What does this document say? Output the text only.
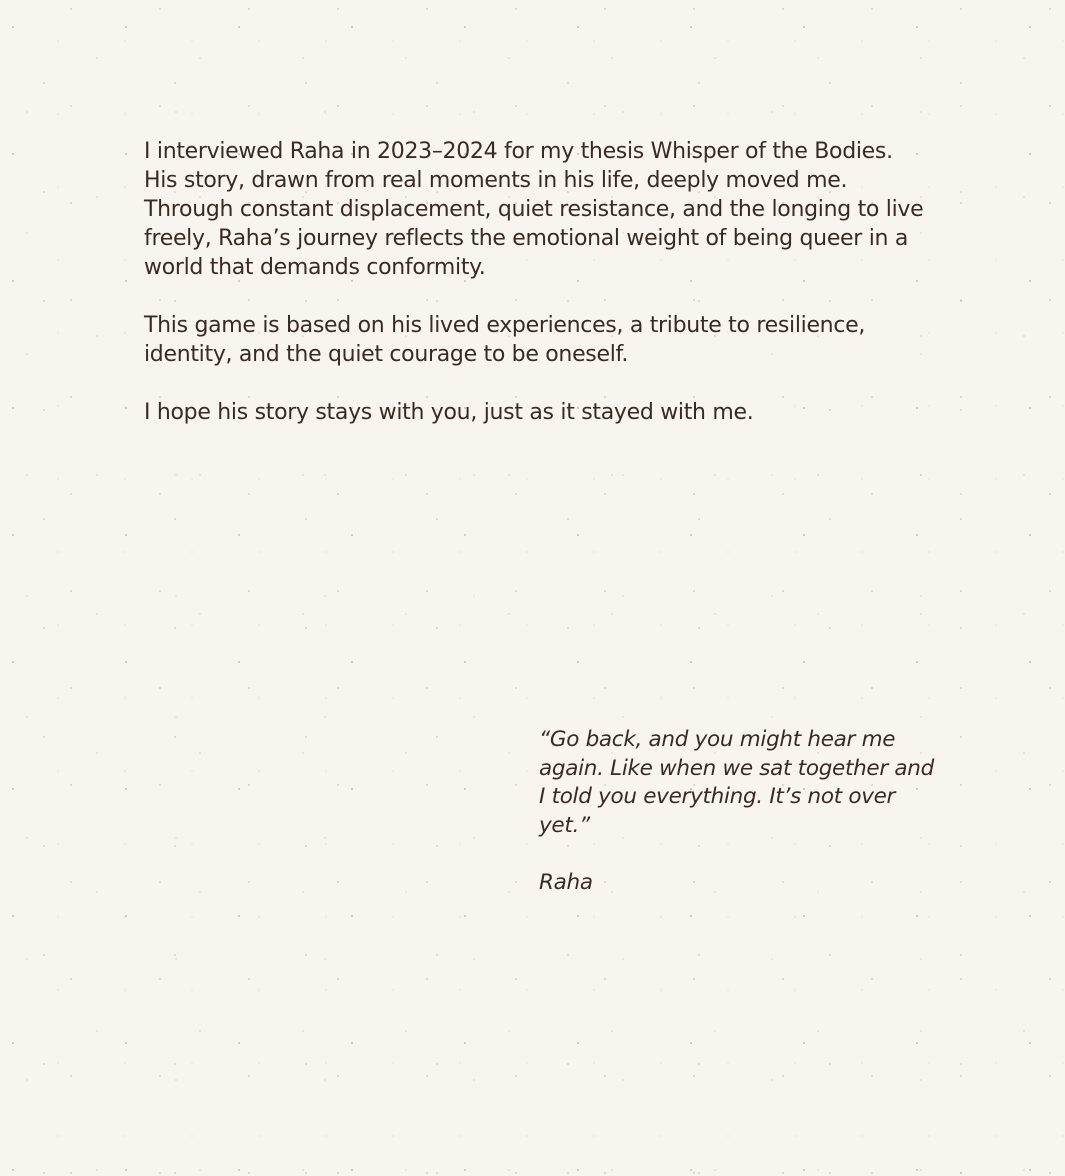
I interviewed Raha in 2023–2024 for my thesis Whisper of the Bodies. His story, drawn from real moments in his life, deeply moved me. Through constant displacement, quiet resistance, and the longing to live freely, Raha’s journey reflects the emotional weight of being queer in a world that demands conformity.

This game is based on his lived experiences, a tribute to resilience, identity, and the quiet courage to be oneself.

I hope his story stays with you, just as it stayed with me.

“Go back, and you might hear me again. Like when we sat together and I told you everything. It’s not over yet.”

Raha
